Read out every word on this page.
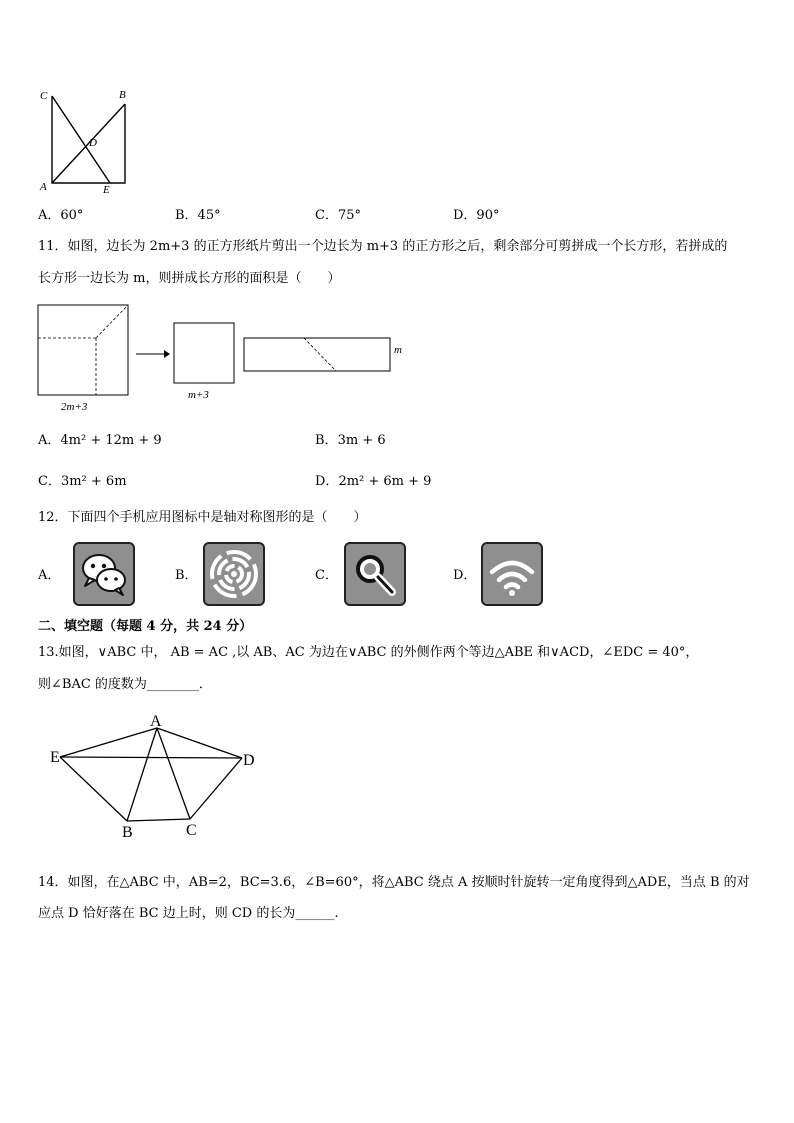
C	B
D
A	E
A．60°	B．45°	C．75°	D．90°
11．如图，边长为 2m+3 的正方形纸片剪出一个边长为 m+3 的正方形之后，剩余部分可剪拼成一个长方形，若拼成的
长方形一边长为 m，则拼成长方形的面积是（　　）
2m+3
m+3
m
A．4m² + 12m + 9	B．3m + 6
C．3m² + 6m	D．2m² + 6m + 9
12．下面四个手机应用图标中是轴对称图形的是（　　）
A．	B．	C．	D．
二、填空题（每题 4 分，共 24 分）
13.如图，∨ABC 中， AB = AC ,以 AB、AC 为边在∨ABC 的外侧作两个等边△ABE 和∨ACD，∠EDC = 40°，
则∠BAC 的度数为________．
A
E	D
B	C
14．如图，在△ABC 中，AB=2，BC=3.6，∠B=60°，将△ABC 绕点 A 按顺时针旋转一定角度得到△ADE，当点 B 的对
应点 D 恰好落在 BC 边上时，则 CD 的长为______.
